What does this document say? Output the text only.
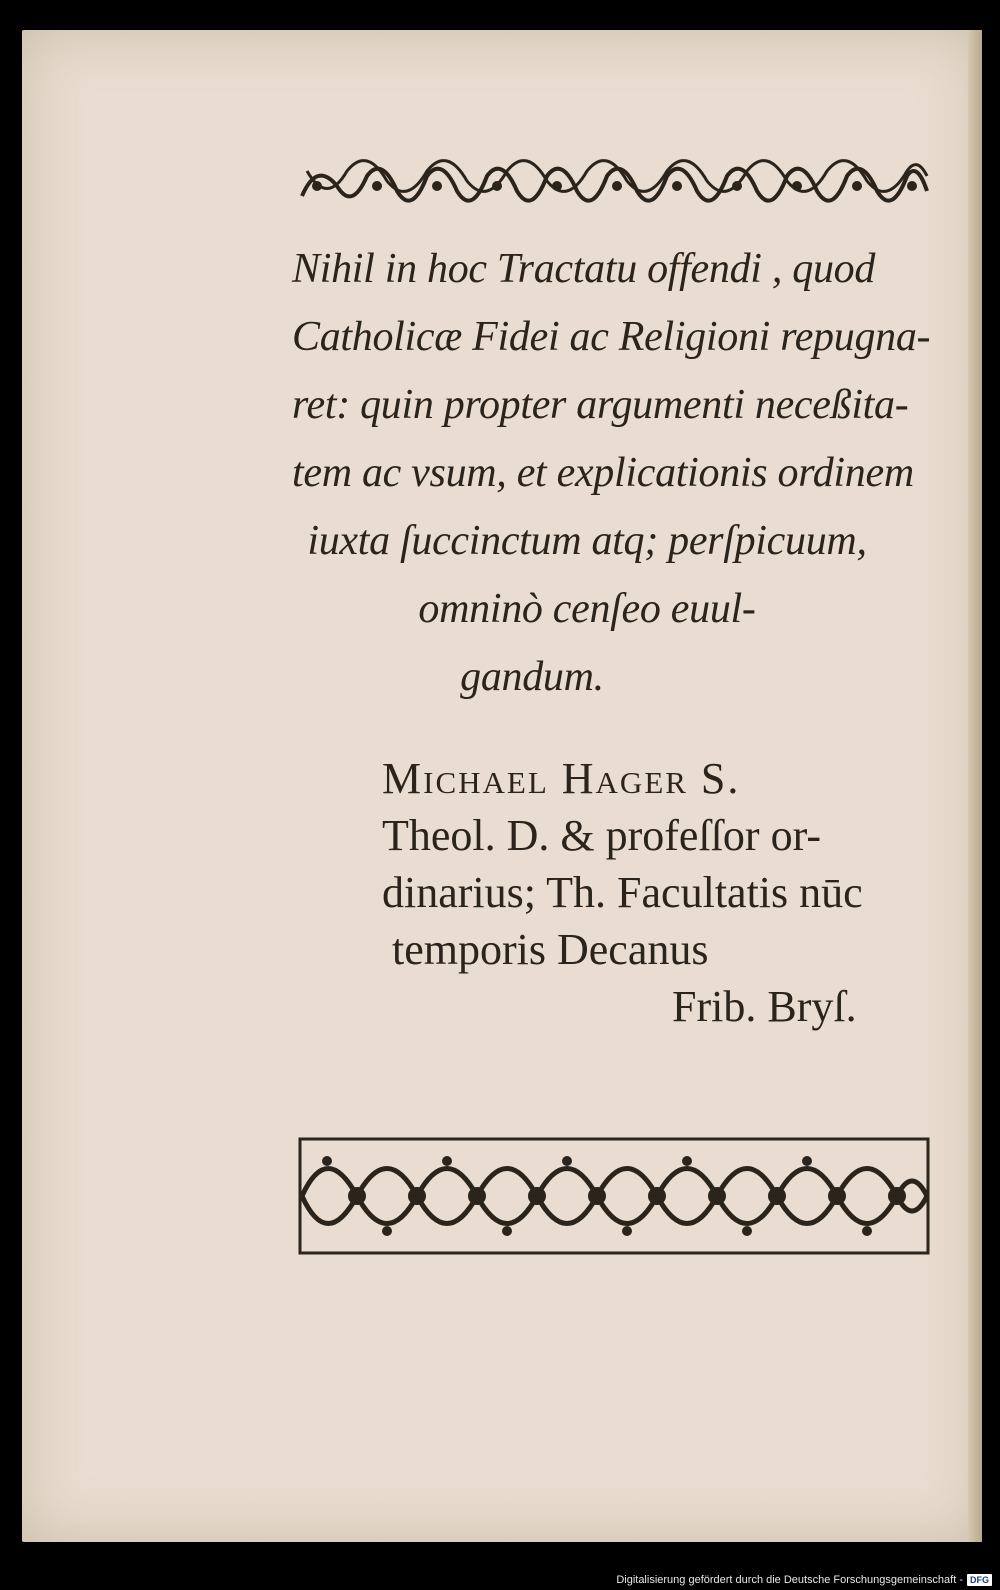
Nihil in hoc Tractatu offendi , quod
Catholicæ Fidei ac Religioni repugna-
ret: quin propter argumenti neceßita-
tem ac vsum, et explicationis ordinem
iuxta ſuccinctum atq; perſpicuum,
omninò cenſeo euul-
gandum.
Michael Hager S.
Theol. D. & profeſſor or-
dinarius; Th. Facultatis nūc
temporis Decanus
Frib. Bryſ.
Digitalisierung gefördert durch die Deutsche Forschungsgemeinschaft - DFG
